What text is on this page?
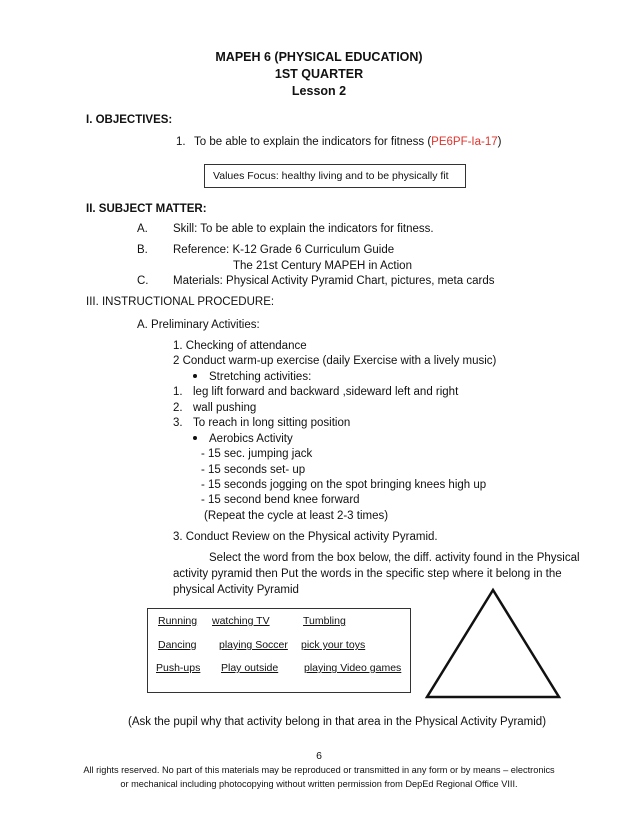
MAPEH 6 (PHYSICAL EDUCATION)
1ST QUARTER
Lesson 2
I. OBJECTIVES:
1. To be able to explain the indicators for fitness (PE6PF-Ia-17)
Values Focus: healthy living and to be physically fit
II. SUBJECT MATTER:
A. Skill: To be able to explain the indicators for fitness.
B. Reference: K-12 Grade 6 Curriculum Guide
The 21st Century MAPEH in Action
C. Materials: Physical Activity Pyramid Chart, pictures, meta cards
III. INSTRUCTIONAL PROCEDURE:
A. Preliminary Activities:
1. Checking of attendance
2 Conduct warm-up exercise (daily Exercise with a lively music)
Stretching activities:
1. leg lift forward and backward ,sideward left and right
2. wall pushing
3. To reach in long sitting position
Aerobics Activity
- 15 sec. jumping jack
- 15 seconds set- up
- 15 seconds jogging on the spot bringing knees high up
- 15 second bend knee forward
(Repeat the cycle at least 2-3 times)
3. Conduct Review on the Physical activity Pyramid.
Select the word from the box below, the diff. activity found in the Physical
activity pyramid then Put the words in the specific step where it belong in the
physical Activity Pyramid
Running watching TV	Tumbling
Dancing playing Soccer pick your toys
Push-ups Play outside playing Video games
(Ask the pupil why that activity belong in that area in the Physical Activity Pyramid)
6
All rights reserved. No part of this materials may be reproduced or transmitted in any form or by means – electronics
or mechanical including photocopying without written permission from DepEd Regional Office VIII.
